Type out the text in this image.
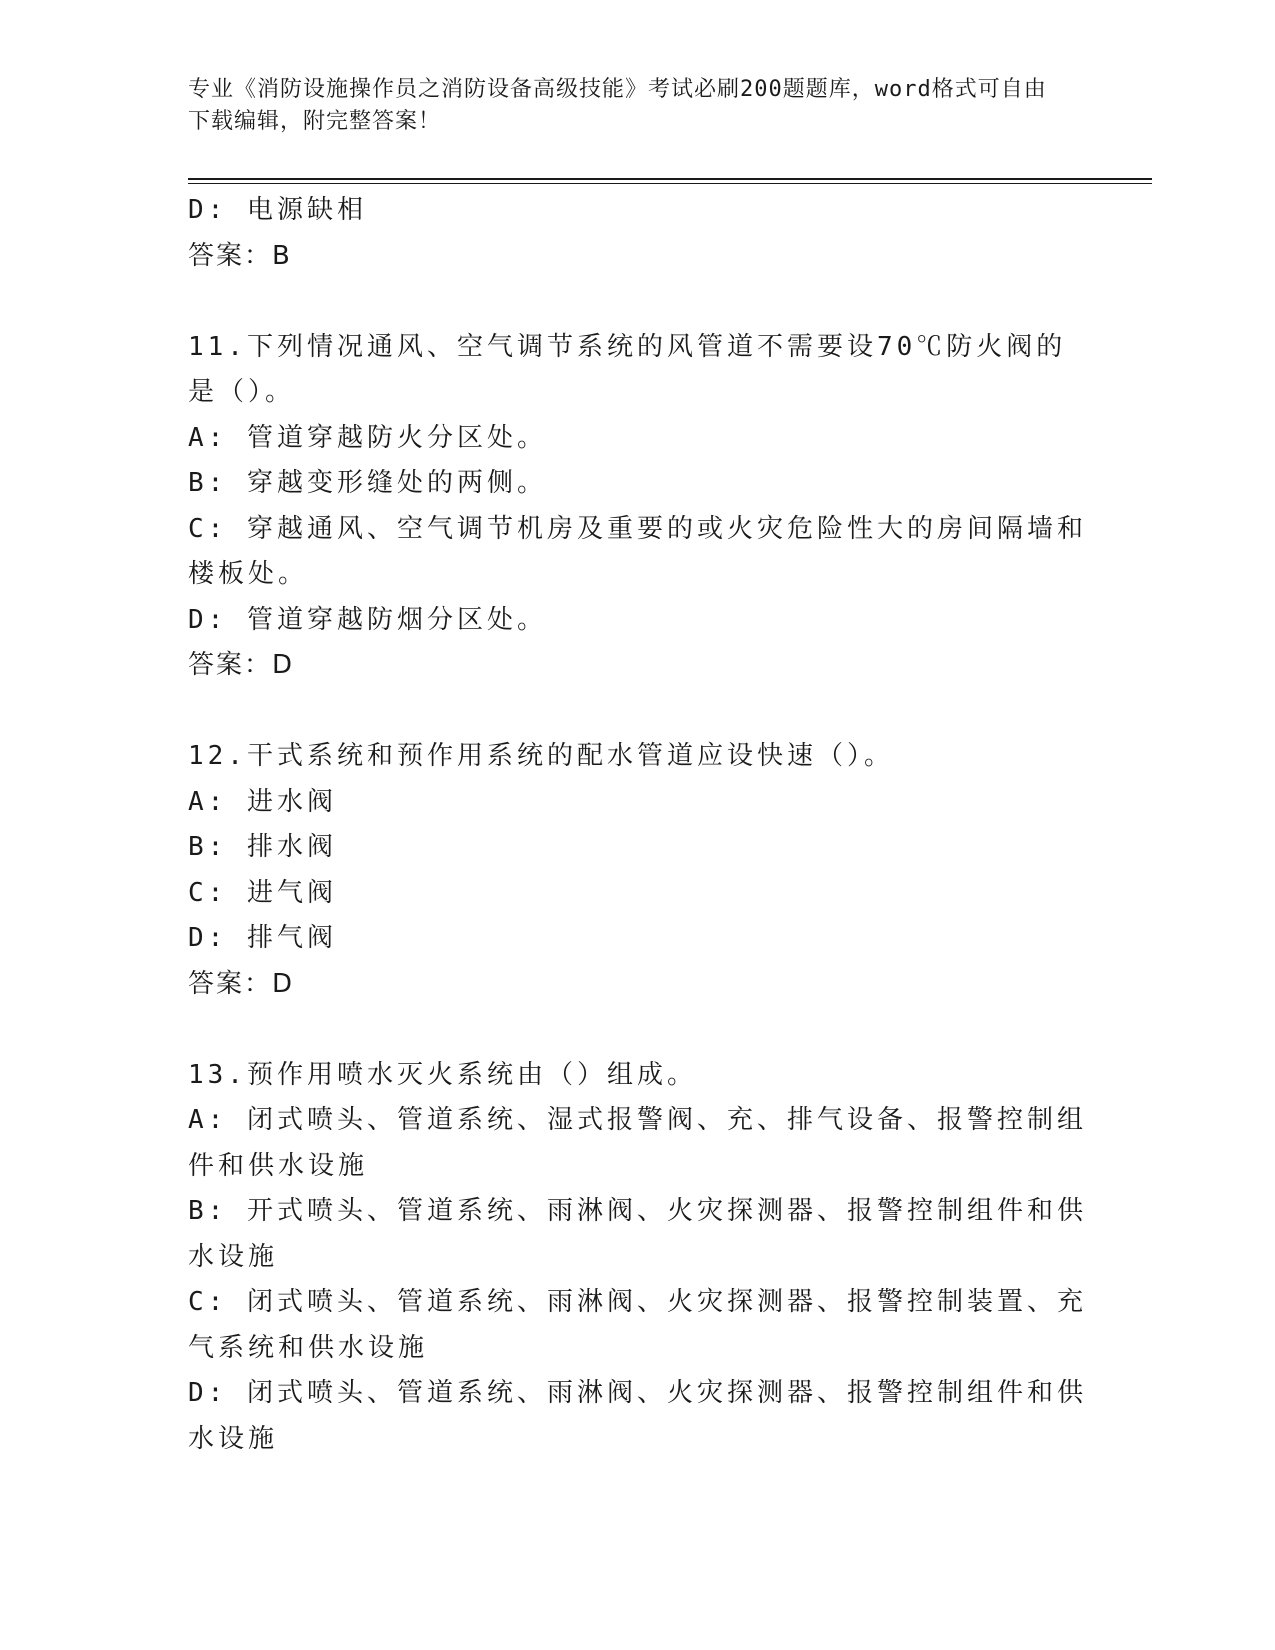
专业《消防设施操作员之消防设备高级技能》考试必刷200题题库，word格式可自由下载编辑，附完整答案！
D: 电源缺相
答案：B
11.下列情况通风、空气调节系统的风管道不需要设70℃防火阀的是（）。
A: 管道穿越防火分区处。
B: 穿越变形缝处的两侧。
C: 穿越通风、空气调节机房及重要的或火灾危险性大的房间隔墙和楼板处。
D: 管道穿越防烟分区处。
答案：D
12.干式系统和预作用系统的配水管道应设快速（）。
A: 进水阀
B: 排水阀
C: 进气阀
D: 排气阀
答案：D
13.预作用喷水灭火系统由（）组成。
A: 闭式喷头、管道系统、湿式报警阀、充、排气设备、报警控制组件和供水设施
B: 开式喷头、管道系统、雨淋阀、火灾探测器、报警控制组件和供水设施
C: 闭式喷头、管道系统、雨淋阀、火灾探测器、报警控制装置、充气系统和供水设施
D: 闭式喷头、管道系统、雨淋阀、火灾探测器、报警控制组件和供水设施
